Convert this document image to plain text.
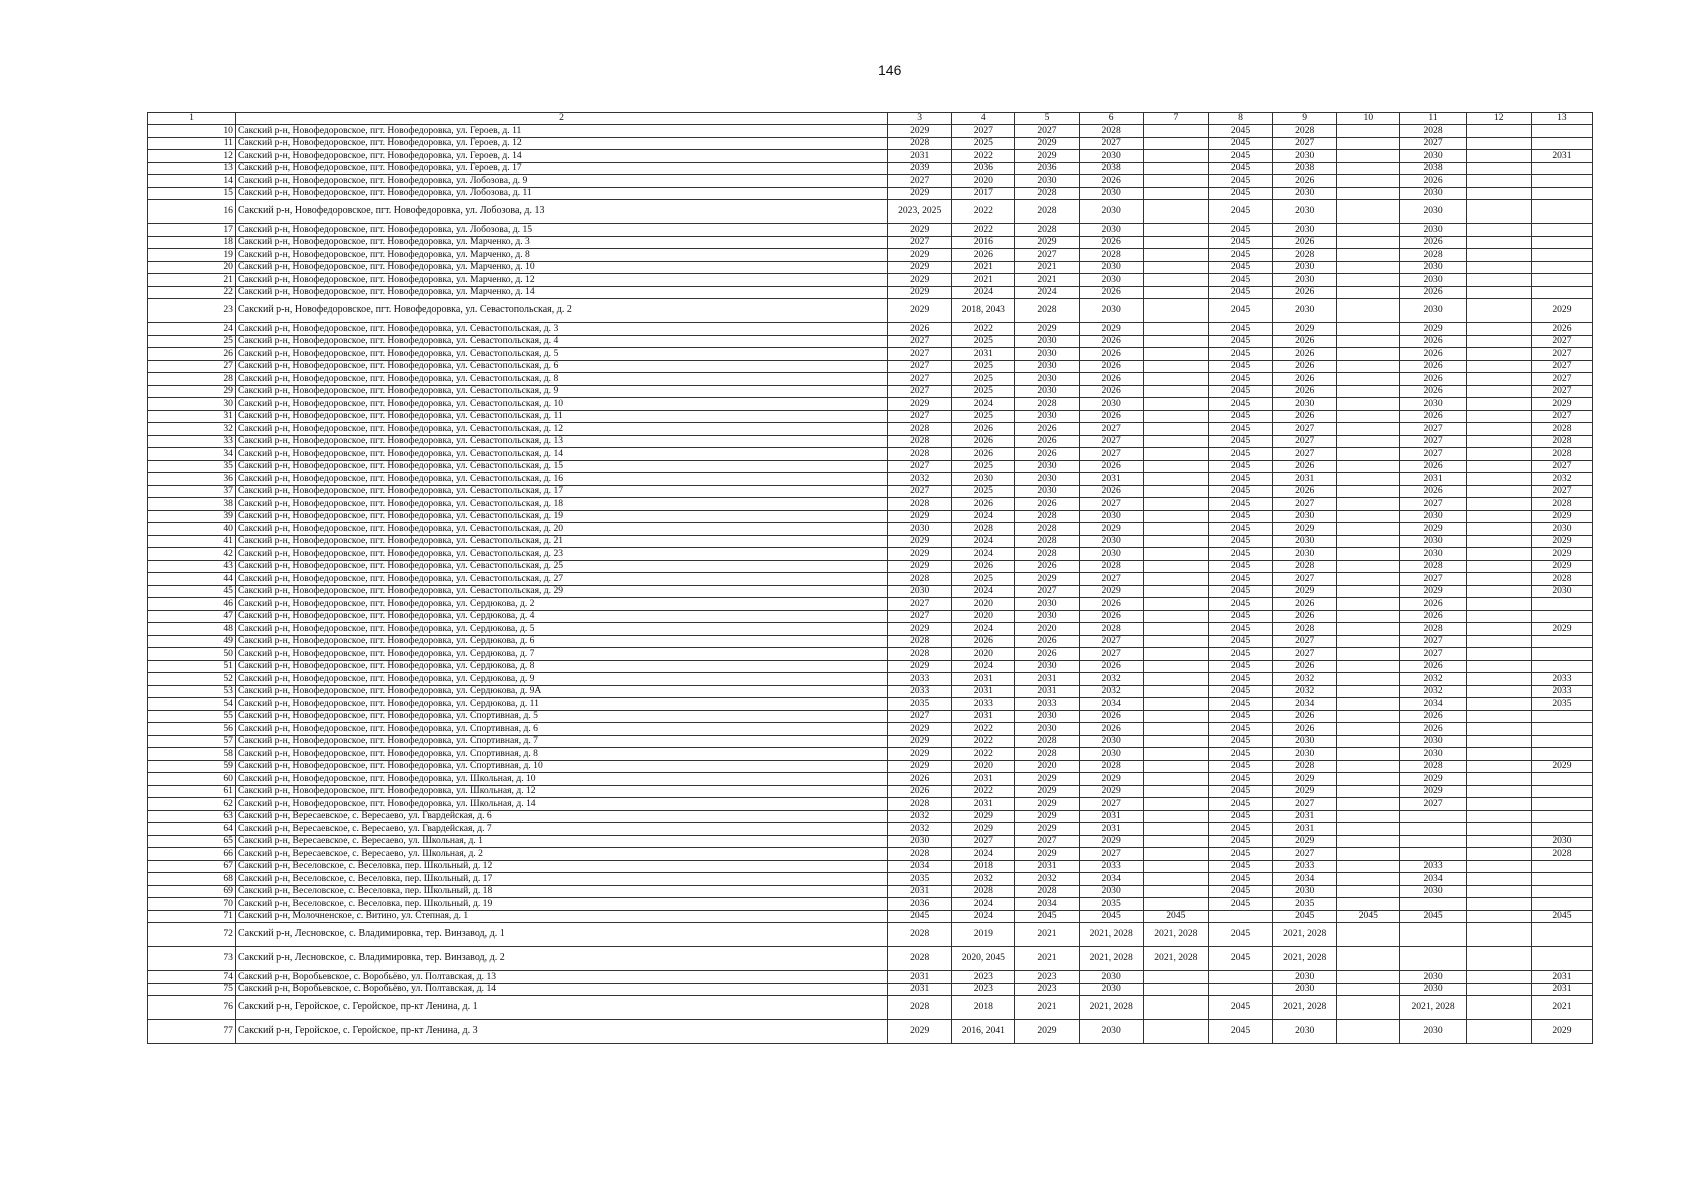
146
1	2	3	4	5	6	7	8	9	10	11	12	13
10	Сакский р-н, Новофедоровское, пгт. Новофедоровка, ул. Героев, д. 11	2029	2027	2027	2028		2045	2028		2028		
11	Сакский р-н, Новофедоровское, пгт. Новофедоровка, ул. Героев, д. 12	2028	2025	2029	2027		2045	2027		2027		
12	Сакский р-н, Новофедоровское, пгт. Новофедоровка, ул. Героев, д. 14	2031	2022	2029	2030		2045	2030		2030		2031
13	Сакский р-н, Новофедоровское, пгт. Новофедоровка, ул. Героев, д. 17	2039	2036	2036	2038		2045	2038		2038		
14	Сакский р-н, Новофедоровское, пгт. Новофедоровка, ул. Лобозова, д. 9	2027	2020	2030	2026		2045	2026		2026		
15	Сакский р-н, Новофедоровское, пгт. Новофедоровка, ул. Лобозова, д. 11	2029	2017	2028	2030		2045	2030		2030		
16	Сакский р-н, Новофедоровское, пгт. Новофедоровка, ул. Лобозова, д. 13	2023, 2025	2022	2028	2030		2045	2030		2030		
17	Сакский р-н, Новофедоровское, пгт. Новофедоровка, ул. Лобозова, д. 15	2029	2022	2028	2030		2045	2030		2030		
18	Сакский р-н, Новофедоровское, пгт. Новофедоровка, ул. Марченко, д. 3	2027	2016	2029	2026		2045	2026		2026		
19	Сакский р-н, Новофедоровское, пгт. Новофедоровка, ул. Марченко, д. 8	2029	2026	2027	2028		2045	2028		2028		
20	Сакский р-н, Новофедоровское, пгт. Новофедоровка, ул. Марченко, д. 10	2029	2021	2021	2030		2045	2030		2030		
21	Сакский р-н, Новофедоровское, пгт. Новофедоровка, ул. Марченко, д. 12	2029	2021	2021	2030		2045	2030		2030		
22	Сакский р-н, Новофедоровское, пгт. Новофедоровка, ул. Марченко, д. 14	2029	2024	2024	2026		2045	2026		2026		
23	Сакский р-н, Новофедоровское, пгт. Новофедоровка, ул. Севастопольская, д. 2	2029	2018, 2043	2028	2030		2045	2030		2030		2029
24	Сакский р-н, Новофедоровское, пгт. Новофедоровка, ул. Севастопольская, д. 3	2026	2022	2029	2029		2045	2029		2029		2026
25	Сакский р-н, Новофедоровское, пгт. Новофедоровка, ул. Севастопольская, д. 4	2027	2025	2030	2026		2045	2026		2026		2027
26	Сакский р-н, Новофедоровское, пгт. Новофедоровка, ул. Севастопольская, д. 5	2027	2031	2030	2026		2045	2026		2026		2027
27	Сакский р-н, Новофедоровское, пгт. Новофедоровка, ул. Севастопольская, д. 6	2027	2025	2030	2026		2045	2026		2026		2027
28	Сакский р-н, Новофедоровское, пгт. Новофедоровка, ул. Севастопольская, д. 8	2027	2025	2030	2026		2045	2026		2026		2027
29	Сакский р-н, Новофедоровское, пгт. Новофедоровка, ул. Севастопольская, д. 9	2027	2025	2030	2026		2045	2026		2026		2027
30	Сакский р-н, Новофедоровское, пгт. Новофедоровка, ул. Севастопольская, д. 10	2029	2024	2028	2030		2045	2030		2030		2029
31	Сакский р-н, Новофедоровское, пгт. Новофедоровка, ул. Севастопольская, д. 11	2027	2025	2030	2026		2045	2026		2026		2027
32	Сакский р-н, Новофедоровское, пгт. Новофедоровка, ул. Севастопольская, д. 12	2028	2026	2026	2027		2045	2027		2027		2028
33	Сакский р-н, Новофедоровское, пгт. Новофедоровка, ул. Севастопольская, д. 13	2028	2026	2026	2027		2045	2027		2027		2028
34	Сакский р-н, Новофедоровское, пгт. Новофедоровка, ул. Севастопольская, д. 14	2028	2026	2026	2027		2045	2027		2027		2028
35	Сакский р-н, Новофедоровское, пгт. Новофедоровка, ул. Севастопольская, д. 15	2027	2025	2030	2026		2045	2026		2026		2027
36	Сакский р-н, Новофедоровское, пгт. Новофедоровка, ул. Севастопольская, д. 16	2032	2030	2030	2031		2045	2031		2031		2032
37	Сакский р-н, Новофедоровское, пгт. Новофедоровка, ул. Севастопольская, д. 17	2027	2025	2030	2026		2045	2026		2026		2027
38	Сакский р-н, Новофедоровское, пгт. Новофедоровка, ул. Севастопольская, д. 18	2028	2026	2026	2027		2045	2027		2027		2028
39	Сакский р-н, Новофедоровское, пгт. Новофедоровка, ул. Севастопольская, д. 19	2029	2024	2028	2030		2045	2030		2030		2029
40	Сакский р-н, Новофедоровское, пгт. Новофедоровка, ул. Севастопольская, д. 20	2030	2028	2028	2029		2045	2029		2029		2030
41	Сакский р-н, Новофедоровское, пгт. Новофедоровка, ул. Севастопольская, д. 21	2029	2024	2028	2030		2045	2030		2030		2029
42	Сакский р-н, Новофедоровское, пгт. Новофедоровка, ул. Севастопольская, д. 23	2029	2024	2028	2030		2045	2030		2030		2029
43	Сакский р-н, Новофедоровское, пгт. Новофедоровка, ул. Севастопольская, д. 25	2029	2026	2026	2028		2045	2028		2028		2029
44	Сакский р-н, Новофедоровское, пгт. Новофедоровка, ул. Севастопольская, д. 27	2028	2025	2029	2027		2045	2027		2027		2028
45	Сакский р-н, Новофедоровское, пгт. Новофедоровка, ул. Севастопольская, д. 29	2030	2024	2027	2029		2045	2029		2029		2030
46	Сакский р-н, Новофедоровское, пгт. Новофедоровка, ул. Сердюкова, д. 2	2027	2020	2030	2026		2045	2026		2026		
47	Сакский р-н, Новофедоровское, пгт. Новофедоровка, ул. Сердюкова, д. 4	2027	2020	2030	2026		2045	2026		2026		
48	Сакский р-н, Новофедоровское, пгт. Новофедоровка, ул. Сердюкова, д. 5	2029	2024	2020	2028		2045	2028		2028		2029
49	Сакский р-н, Новофедоровское, пгт. Новофедоровка, ул. Сердюкова, д. 6	2028	2026	2026	2027		2045	2027		2027		
50	Сакский р-н, Новофедоровское, пгт. Новофедоровка, ул. Сердюкова, д. 7	2028	2020	2026	2027		2045	2027		2027		
51	Сакский р-н, Новофедоровское, пгт. Новофедоровка, ул. Сердюкова, д. 8	2029	2024	2030	2026		2045	2026		2026		
52	Сакский р-н, Новофедоровское, пгт. Новофедоровка, ул. Сердюкова, д. 9	2033	2031	2031	2032		2045	2032		2032		2033
53	Сакский р-н, Новофедоровское, пгт. Новофедоровка, ул. Сердюкова, д. 9А	2033	2031	2031	2032		2045	2032		2032		2033
54	Сакский р-н, Новофедоровское, пгт. Новофедоровка, ул. Сердюкова, д. 11	2035	2033	2033	2034		2045	2034		2034		2035
55	Сакский р-н, Новофедоровское, пгт. Новофедоровка, ул. Спортивная, д. 5	2027	2031	2030	2026		2045	2026		2026		
56	Сакский р-н, Новофедоровское, пгт. Новофедоровка, ул. Спортивная, д. 6	2029	2022	2030	2026		2045	2026		2026		
57	Сакский р-н, Новофедоровское, пгт. Новофедоровка, ул. Спортивная, д. 7	2029	2022	2028	2030		2045	2030		2030		
58	Сакский р-н, Новофедоровское, пгт. Новофедоровка, ул. Спортивная, д. 8	2029	2022	2028	2030		2045	2030		2030		
59	Сакский р-н, Новофедоровское, пгт. Новофедоровка, ул. Спортивная, д. 10	2029	2020	2020	2028		2045	2028		2028		2029
60	Сакский р-н, Новофедоровское, пгт. Новофедоровка, ул. Школьная, д. 10	2026	2031	2029	2029		2045	2029		2029		
61	Сакский р-н, Новофедоровское, пгт. Новофедоровка, ул. Школьная, д. 12	2026	2022	2029	2029		2045	2029		2029		
62	Сакский р-н, Новофедоровское, пгт. Новофедоровка, ул. Школьная, д. 14	2028	2031	2029	2027		2045	2027		2027		
63	Сакский р-н, Вересаевское, с. Вересаево, ул. Гвардейская, д. 6	2032	2029	2029	2031		2045	2031				
64	Сакский р-н, Вересаевское, с. Вересаево, ул. Гвардейская, д. 7	2032	2029	2029	2031		2045	2031				
65	Сакский р-н, Вересаевское, с. Вересаево, ул. Школьная, д. 1	2030	2027	2027	2029		2045	2029				2030
66	Сакский р-н, Вересаевское, с. Вересаево, ул. Школьная, д. 2	2028	2024	2029	2027		2045	2027				2028
67	Сакский р-н, Веселовское, с. Веселовка, пер. Школьный, д. 12	2034	2018	2031	2033		2045	2033		2033		
68	Сакский р-н, Веселовское, с. Веселовка, пер. Школьный, д. 17	2035	2032	2032	2034		2045	2034		2034		
69	Сакский р-н, Веселовское, с. Веселовка, пер. Школьный, д. 18	2031	2028	2028	2030		2045	2030		2030		
70	Сакский р-н, Веселовское, с. Веселовка, пер. Школьный, д. 19	2036	2024	2034	2035		2045	2035				
71	Сакский р-н, Молочненское, с. Витино, ул. Степная, д. 1	2045	2024	2045	2045	2045		2045	2045	2045		2045
72	Сакский р-н, Лесновское, с. Владимировка, тер. Винзавод, д. 1	2028	2019	2021	2021, 2028	2021, 2028	2045	2021, 2028				
73	Сакский р-н, Лесновское, с. Владимировка, тер. Винзавод, д. 2	2028	2020, 2045	2021	2021, 2028	2021, 2028	2045	2021, 2028				
74	Сакский р-н, Воробьевское, с. Воробьёво, ул. Полтавская, д. 13	2031	2023	2023	2030			2030		2030		2031
75	Сакский р-н, Воробьевское, с. Воробьёво, ул. Полтавская, д. 14	2031	2023	2023	2030			2030		2030		2031
76	Сакский р-н, Геройское, с. Геройское, пр-кт Ленина, д. 1	2028	2018	2021	2021, 2028		2045	2021, 2028		2021, 2028		2021
77	Сакский р-н, Геройское, с. Геройское, пр-кт Ленина, д. 3	2029	2016, 2041	2029	2030		2045	2030		2030		2029
